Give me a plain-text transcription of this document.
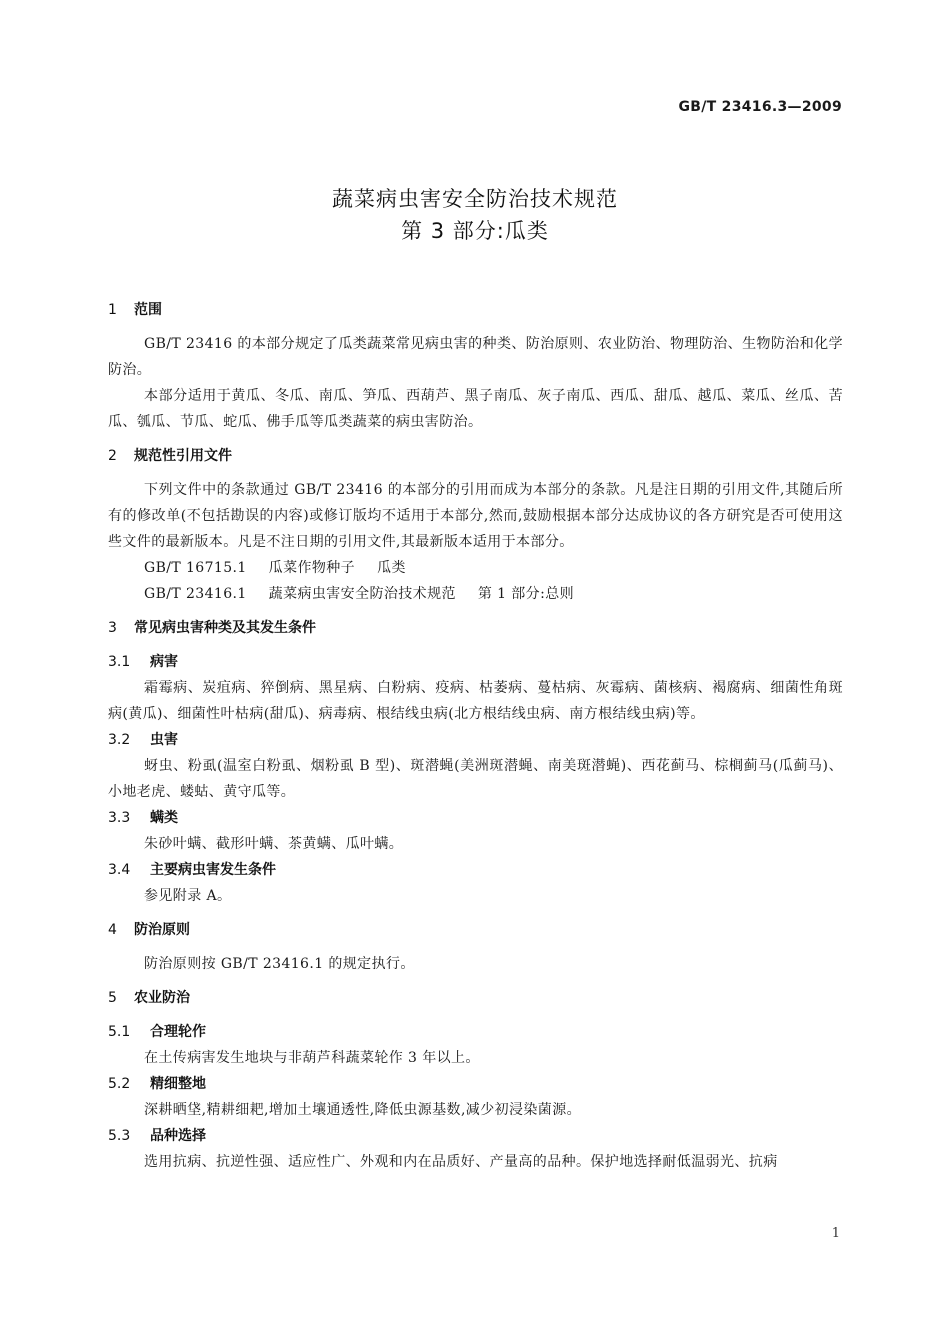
GB/T 23416.3—2009
蔬菜病虫害安全防治技术规范
第 3 部分:瓜类
1 范围

GB/T 23416 的本部分规定了瓜类蔬菜常见病虫害的种类、防治原则、农业防治、物理防治、生物防治和化学防治。

本部分适用于黄瓜、冬瓜、南瓜、笋瓜、西葫芦、黑子南瓜、灰子南瓜、西瓜、甜瓜、越瓜、菜瓜、丝瓜、苦瓜、瓠瓜、节瓜、蛇瓜、佛手瓜等瓜类蔬菜的病虫害防治。

2 规范性引用文件

下列文件中的条款通过 GB/T 23416 的本部分的引用而成为本部分的条款。凡是注日期的引用文件,其随后所有的修改单(不包括勘误的内容)或修订版均不适用于本部分,然而,鼓励根据本部分达成协议的各方研究是否可使用这些文件的最新版本。凡是不注日期的引用文件,其最新版本适用于本部分。

GB/T 16715.1 瓜菜作物种子 瓜类
GB/T 23416.1 蔬菜病虫害安全防治技术规范 第 1 部分:总则
3 常见病虫害种类及其发生条件
3.1 病害

霜霉病、炭疽病、猝倒病、黑星病、白粉病、疫病、枯萎病、蔓枯病、灰霉病、菌核病、褐腐病、细菌性角斑病(黄瓜)、细菌性叶枯病(甜瓜)、病毒病、根结线虫病(北方根结线虫病、南方根结线虫病)等。

3.2 虫害

蚜虫、粉虱(温室白粉虱、烟粉虱 B 型)、斑潜蝇(美洲斑潜蝇、南美斑潜蝇)、西花蓟马、棕榈蓟马(瓜蓟马)、小地老虎、蝼蛄、黄守瓜等。

3.3 螨类

朱砂叶螨、截形叶螨、茶黄螨、瓜叶螨。

3.4 主要病虫害发生条件

参见附录 A。

4 防治原则

防治原则按 GB/T 23416.1 的规定执行。

5 农业防治
5.1 合理轮作

在土传病害发生地块与非葫芦科蔬菜轮作 3 年以上。

5.2 精细整地

深耕晒垡,精耕细耙,增加土壤通透性,降低虫源基数,减少初浸染菌源。

5.3 品种选择

选用抗病、抗逆性强、适应性广、外观和内在品质好、产量高的品种。保护地选择耐低温弱光、抗病

1
